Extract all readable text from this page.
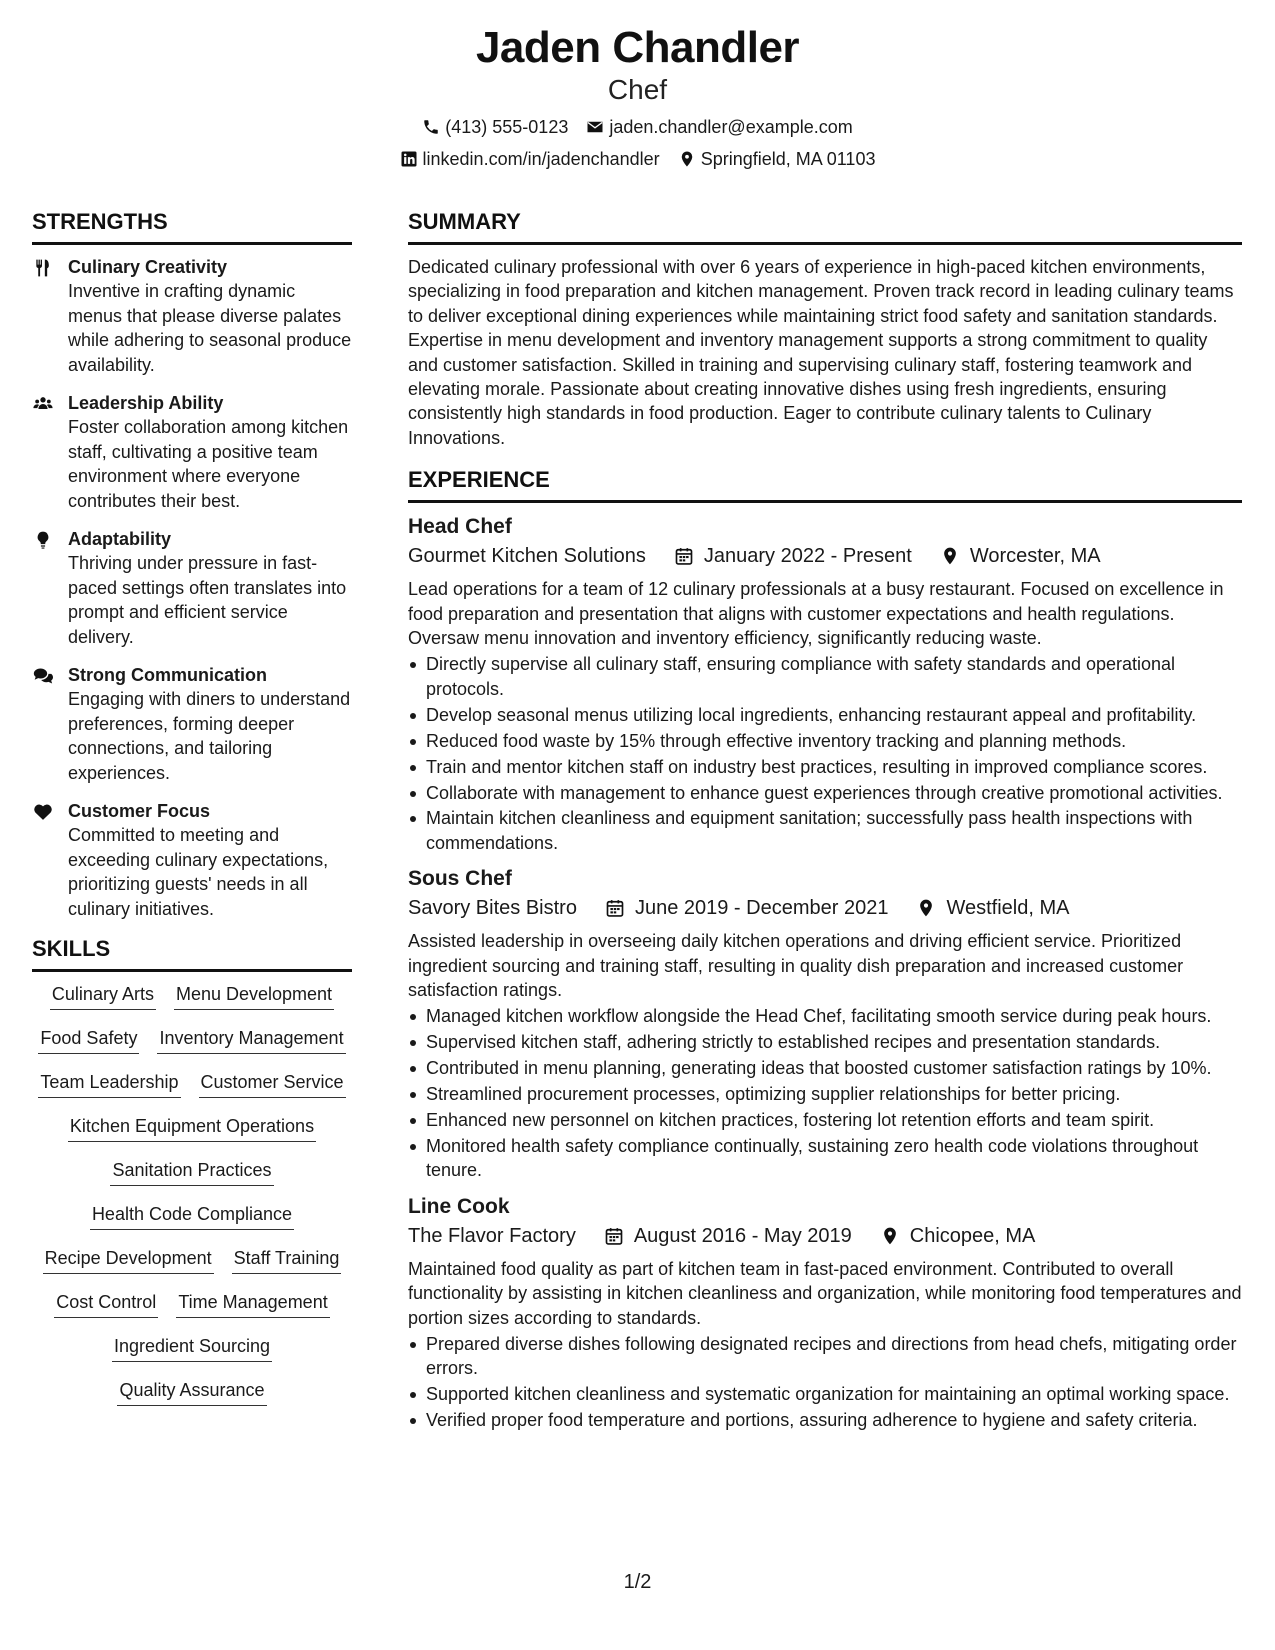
Jaden Chandler
Chef
(413) 555-0123 jaden.chandler@example.com
linkedin.com/in/jadenchandler Springfield, MA 01103
STRENGTHS
Culinary Creativity
Inventive in crafting dynamic menus that please diverse palates while adhering to seasonal produce availability.
Leadership Ability
Foster collaboration among kitchen staff, cultivating a positive team environment where everyone contributes their best.
Adaptability
Thriving under pressure in fast-paced settings often translates into prompt and efficient service delivery.
Strong Communication
Engaging with diners to understand preferences, forming deeper connections, and tailoring experiences.
Customer Focus
Committed to meeting and exceeding culinary expectations, prioritizing guests' needs in all culinary initiatives.
SKILLS
Culinary Arts Menu Development
Food Safety Inventory Management
Team Leadership Customer Service
Kitchen Equipment Operations
Sanitation Practices
Health Code Compliance
Recipe Development Staff Training
Cost Control Time Management
Ingredient Sourcing
Quality Assurance
SUMMARY
Dedicated culinary professional with over 6 years of experience in high-paced kitchen environments, specializing in food preparation and kitchen management. Proven track record in leading culinary teams to deliver exceptional dining experiences while maintaining strict food safety and sanitation standards. Expertise in menu development and inventory management supports a strong commitment to quality and customer satisfaction. Skilled in training and supervising culinary staff, fostering teamwork and elevating morale. Passionate about creating innovative dishes using fresh ingredients, ensuring consistently high standards in food production. Eager to contribute culinary talents to Culinary Innovations.
EXPERIENCE
Head Chef
Gourmet Kitchen Solutions	January 2022 - Present	Worcester, MA
Lead operations for a team of 12 culinary professionals at a busy restaurant. Focused on excellence in food preparation and presentation that aligns with customer expectations and health regulations. Oversaw menu innovation and inventory efficiency, significantly reducing waste.
Directly supervise all culinary staff, ensuring compliance with safety standards and operational protocols.
Develop seasonal menus utilizing local ingredients, enhancing restaurant appeal and profitability.
Reduced food waste by 15% through effective inventory tracking and planning methods.
Train and mentor kitchen staff on industry best practices, resulting in improved compliance scores.
Collaborate with management to enhance guest experiences through creative promotional activities.
Maintain kitchen cleanliness and equipment sanitation; successfully pass health inspections with commendations.
Sous Chef
Savory Bites Bistro	June 2019 - December 2021	Westfield, MA
Assisted leadership in overseeing daily kitchen operations and driving efficient service. Prioritized ingredient sourcing and training staff, resulting in quality dish preparation and increased customer satisfaction ratings.
Managed kitchen workflow alongside the Head Chef, facilitating smooth service during peak hours.
Supervised kitchen staff, adhering strictly to established recipes and presentation standards.
Contributed in menu planning, generating ideas that boosted customer satisfaction ratings by 10%.
Streamlined procurement processes, optimizing supplier relationships for better pricing.
Enhanced new personnel on kitchen practices, fostering lot retention efforts and team spirit.
Monitored health safety compliance continually, sustaining zero health code violations throughout tenure.
Line Cook
The Flavor Factory	August 2016 - May 2019	Chicopee, MA
Maintained food quality as part of kitchen team in fast-paced environment. Contributed to overall functionality by assisting in kitchen cleanliness and organization, while monitoring food temperatures and portion sizes according to standards.
Prepared diverse dishes following designated recipes and directions from head chefs, mitigating order errors.
Supported kitchen cleanliness and systematic organization for maintaining an optimal working space.
Verified proper food temperature and portions, assuring adherence to hygiene and safety criteria.
1/2
